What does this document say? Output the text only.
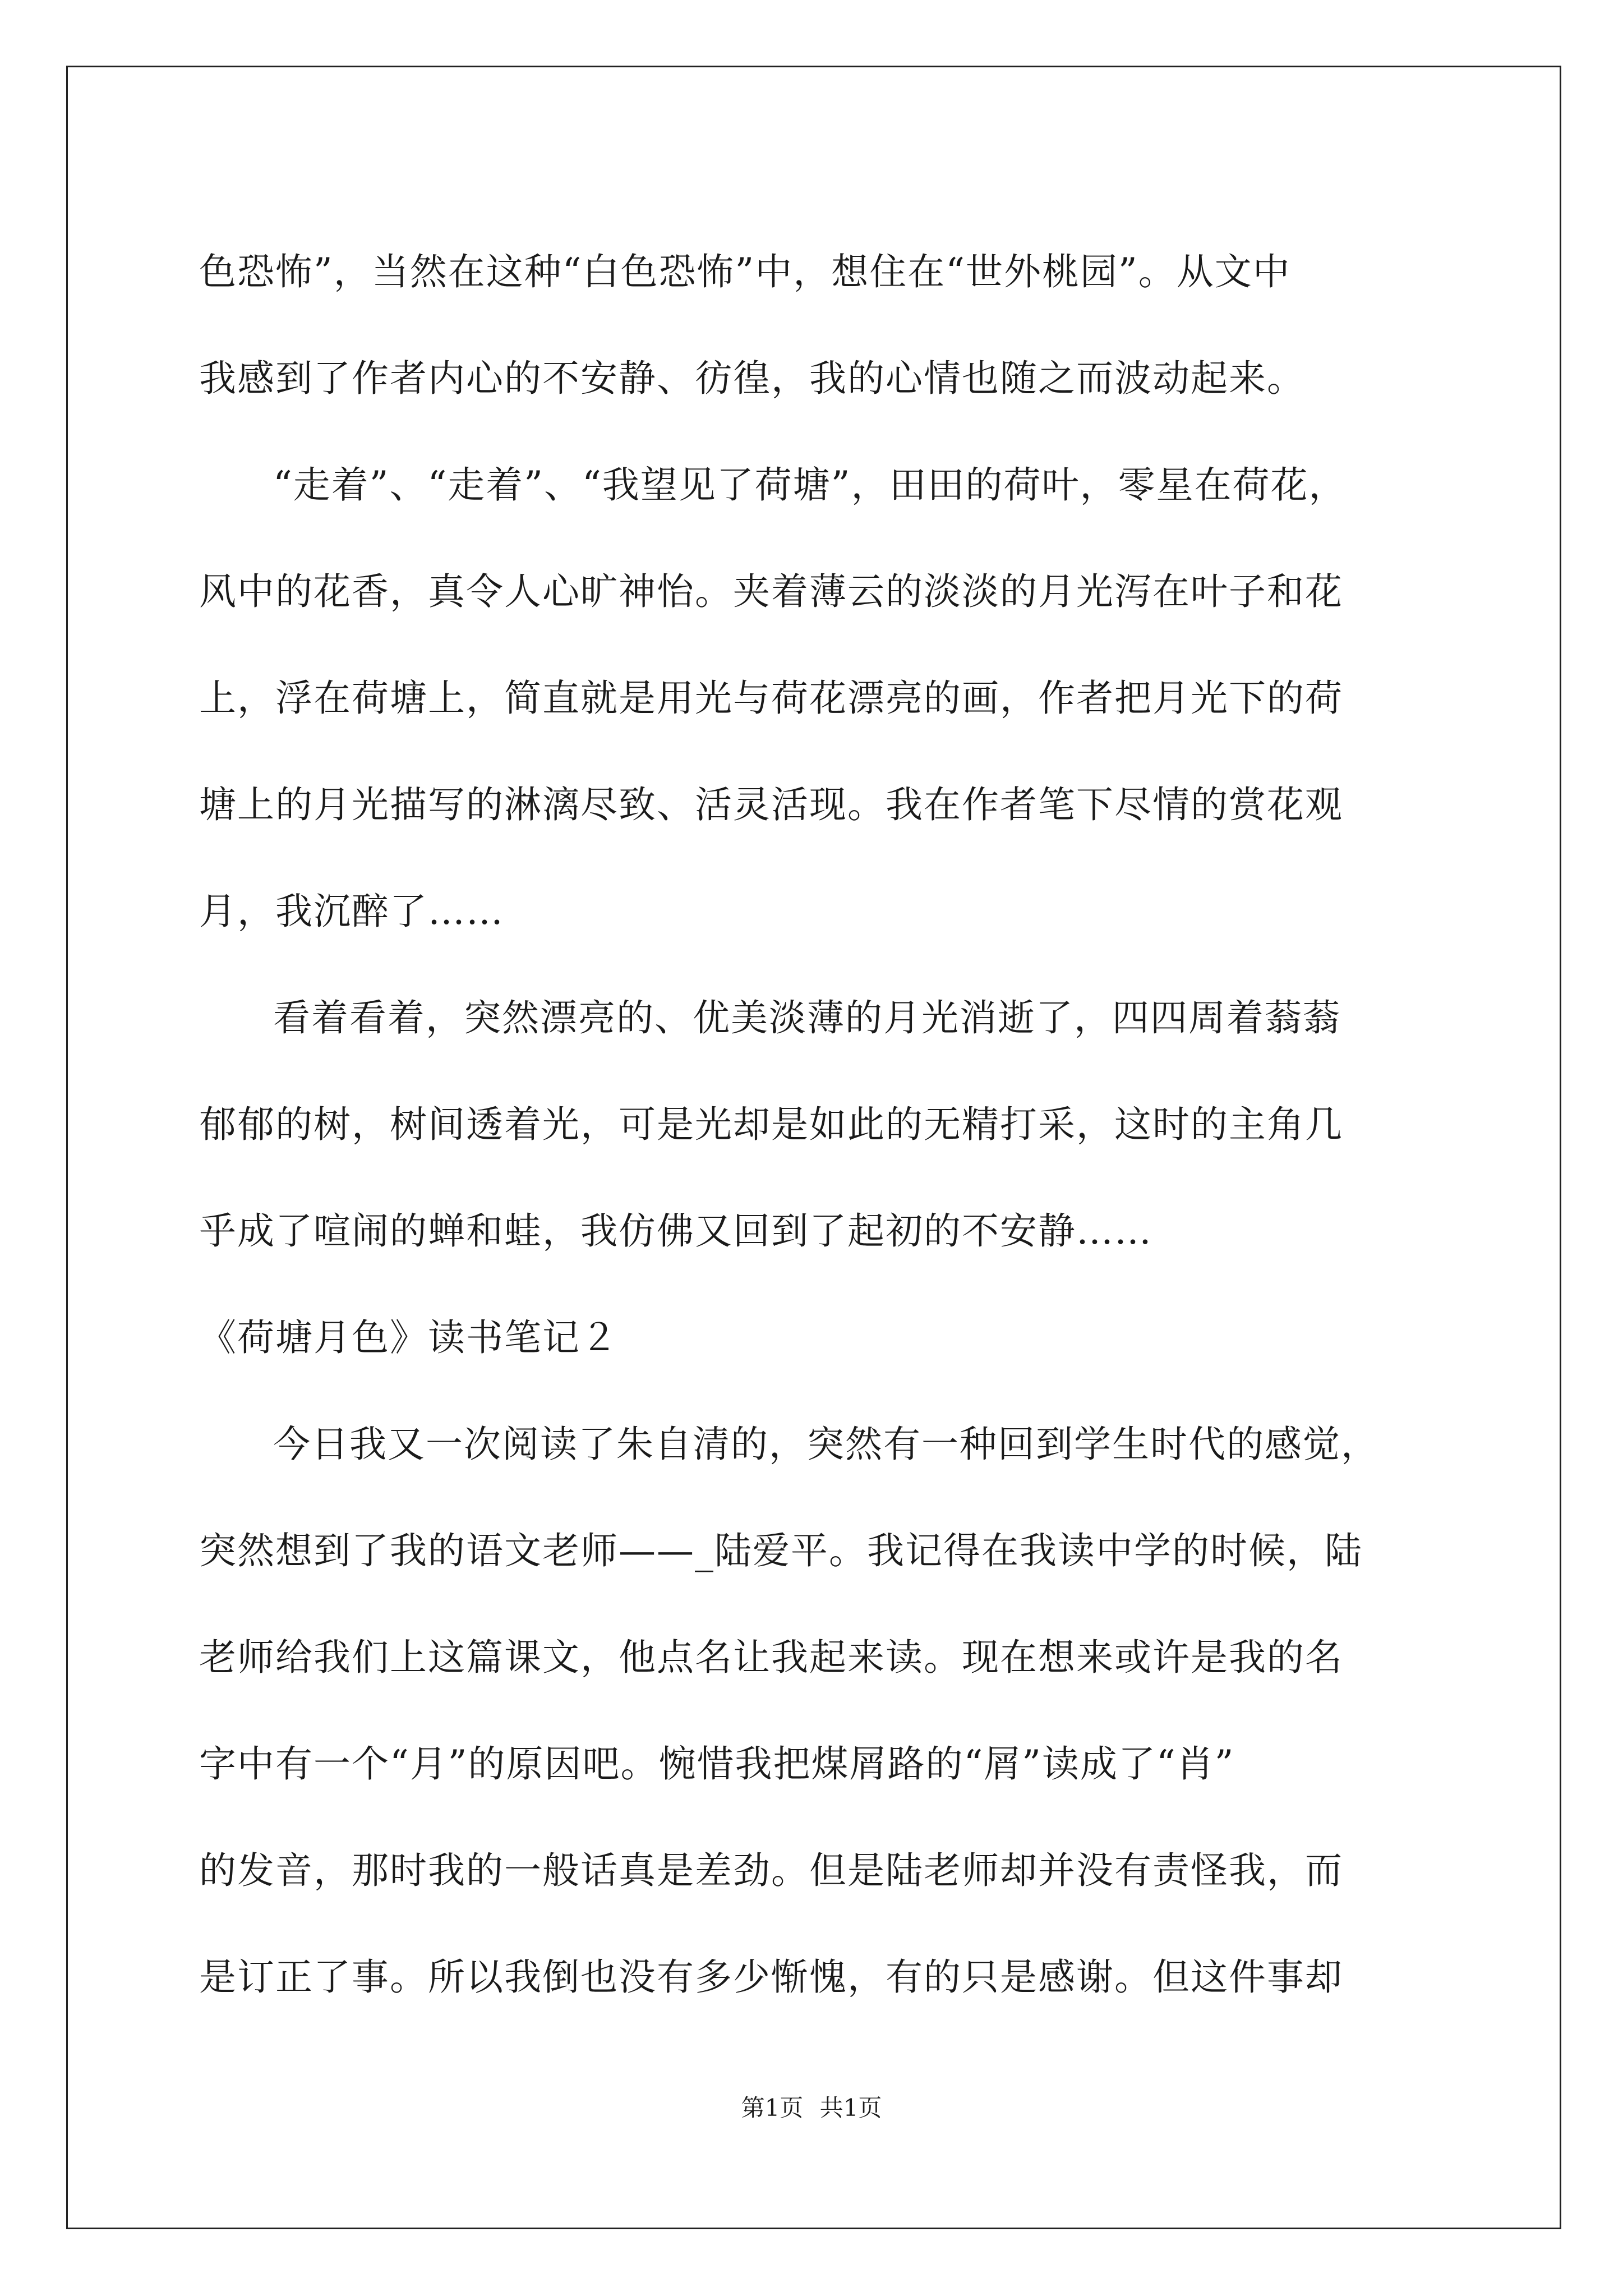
色恐怖”，当然在这种“白色恐怖”中，想住在“世外桃园”。从文中
我感到了作者内心的不安静、彷徨，我的心情也随之而波动起来。
“走着”、“走着”、“我望见了荷塘”，田田的荷叶，零星在荷花，
风中的花香，真令人心旷神怡。夹着薄云的淡淡的月光泻在叶子和花
上，浮在荷塘上，简直就是用光与荷花漂亮的画，作者把月光下的荷
塘上的月光描写的淋漓尽致、活灵活现。我在作者笔下尽情的赏花观
月，我沉醉了……
看着看着，突然漂亮的、优美淡薄的月光消逝了，四四周着蓊蓊
郁郁的树，树间透着光，可是光却是如此的无精打采，这时的主角几
乎成了喧闹的蝉和蛙，我仿佛又回到了起初的不安静……
《荷塘月色》读书笔记２
今日我又一次阅读了朱自清的，突然有一种回到学生时代的感觉，
突然想到了我的语文老师——_陆爱平。我记得在我读中学的时候，陆
老师给我们上这篇课文，他点名让我起来读。现在想来或许是我的名
字中有一个“月”的原因吧。惋惜我把煤屑路的“屑”读成了“肖”
的发音，那时我的一般话真是差劲。但是陆老师却并没有责怪我，而
是订正了事。所以我倒也没有多少惭愧，有的只是感谢。但这件事却
第1页 共1页
